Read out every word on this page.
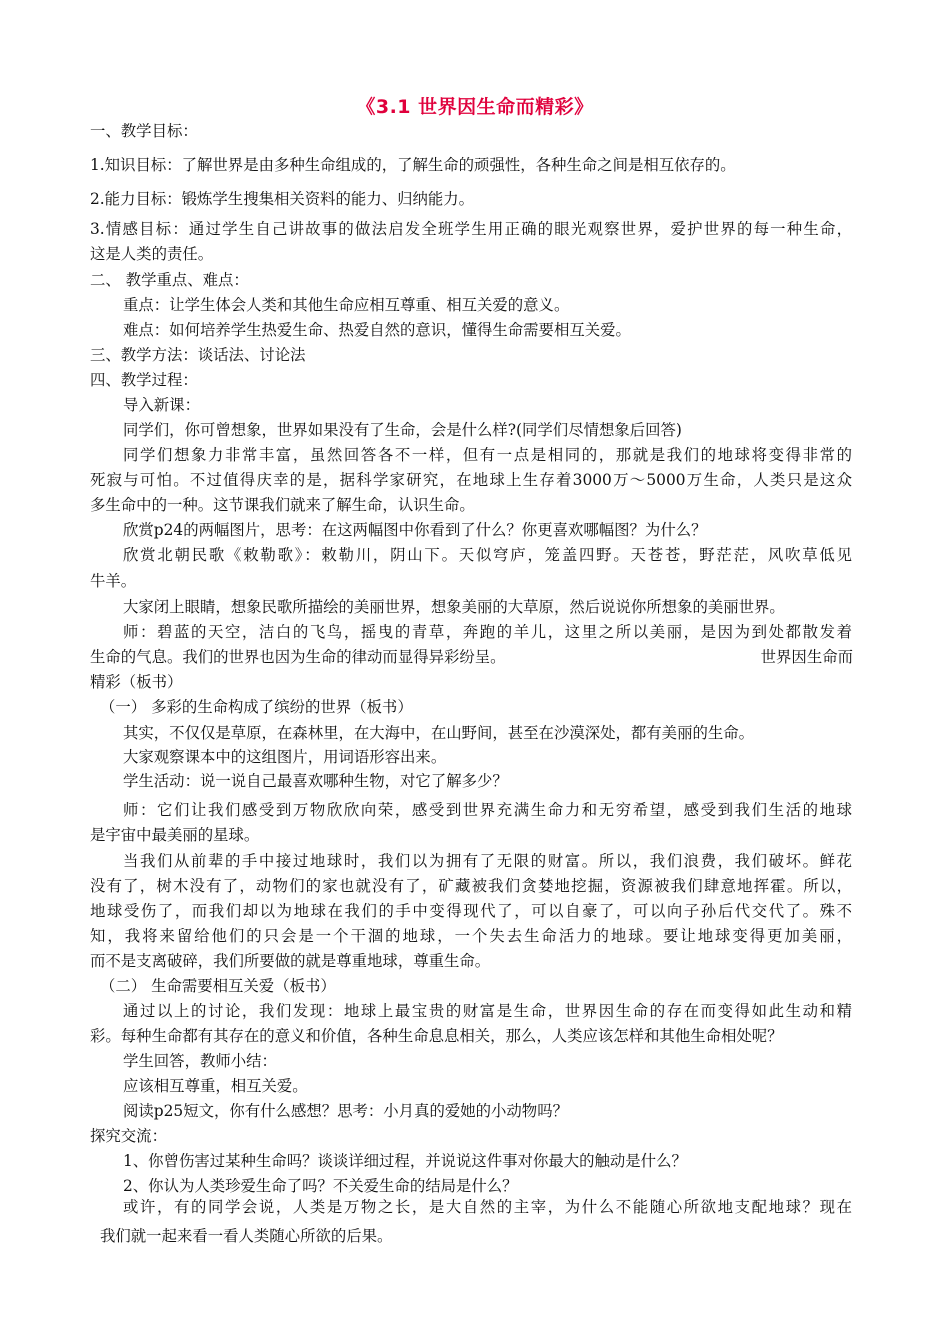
《3.1 世界因生命而精彩》
一、教学目标：
1.知识目标：了解世界是由多种生命组成的，了解生命的顽强性，各种生命之间是相互依存的。
2.能力目标：锻炼学生搜集相关资料的能力、归纳能力。
3.情感目标：通过学生自己讲故事的做法启发全班学生用正确的眼光观察世界，爱护世界的每一种生命，
这是人类的责任。
二、 教学重点、难点：
重点：让学生体会人类和其他生命应相互尊重、相互关爱的意义。
难点：如何培养学生热爱生命、热爱自然的意识，懂得生命需要相互关爱。
三、教学方法：谈话法、讨论法
四、教学过程：
导入新课：
同学们，你可曾想象，世界如果没有了生命，会是什么样?(同学们尽情想象后回答)
同学们想象力非常丰富，虽然回答各不一样，但有一点是相同的，那就是我们的地球将变得非常的
死寂与可怕。不过值得庆幸的是，据科学家研究，在地球上生存着3000万～5000万生命，人类只是这众
多生命中的一种。这节课我们就来了解生命，认识生命。
欣赏p24的两幅图片，思考：在这两幅图中你看到了什么？你更喜欢哪幅图？为什么？
欣赏北朝民歌《敕勒歌》：敕勒川，阴山下。天似穹庐，笼盖四野。天苍苍，野茫茫，风吹草低见
牛羊。
大家闭上眼睛，想象民歌所描绘的美丽世界，想象美丽的大草原，然后说说你所想象的美丽世界。
师：碧蓝的天空，洁白的飞鸟，摇曳的青草，奔跑的羊儿，这里之所以美丽，是因为到处都散发着
生命的气息。我们的世界也因为生命的律动而显得异彩纷呈。	世界因生命而
精彩（板书）
（一） 多彩的生命构成了缤纷的世界（板书）
其实，不仅仅是草原，在森林里，在大海中，在山野间，甚至在沙漠深处，都有美丽的生命。
大家观察课本中的这组图片，用词语形容出来。
学生活动：说一说自己最喜欢哪种生物，对它了解多少？
师：它们让我们感受到万物欣欣向荣，感受到世界充满生命力和无穷希望，感受到我们生活的地球
是宇宙中最美丽的星球。
当我们从前辈的手中接过地球时，我们以为拥有了无限的财富。所以，我们浪费，我们破坏。鲜花
没有了，树木没有了，动物们的家也就没有了，矿藏被我们贪婪地挖掘，资源被我们肆意地挥霍。所以，
地球受伤了，而我们却以为地球在我们的手中变得现代了，可以自豪了，可以向子孙后代交代了。殊不
知，我将来留给他们的只会是一个干涸的地球，一个失去生命活力的地球。要让地球变得更加美丽，
而不是支离破碎，我们所要做的就是尊重地球，尊重生命。
（二） 生命需要相互关爱（板书）
通过以上的讨论，我们发现：地球上最宝贵的财富是生命，世界因生命的存在而变得如此生动和精
彩。每种生命都有其存在的意义和价值，各种生命息息相关，那么，人类应该怎样和其他生命相处呢？
学生回答，教师小结：
应该相互尊重，相互关爱。
阅读p25短文，你有什么感想？思考：小月真的爱她的小动物吗？
探究交流：
1、你曾伤害过某种生命吗？谈谈详细过程，并说说这件事对你最大的触动是什么？
2、你认为人类珍爱生命了吗？不关爱生命的结局是什么？
或许，有的同学会说，人类是万物之长，是大自然的主宰，为什么不能随心所欲地支配地球？现在
我们就一起来看一看人类随心所欲的后果。
